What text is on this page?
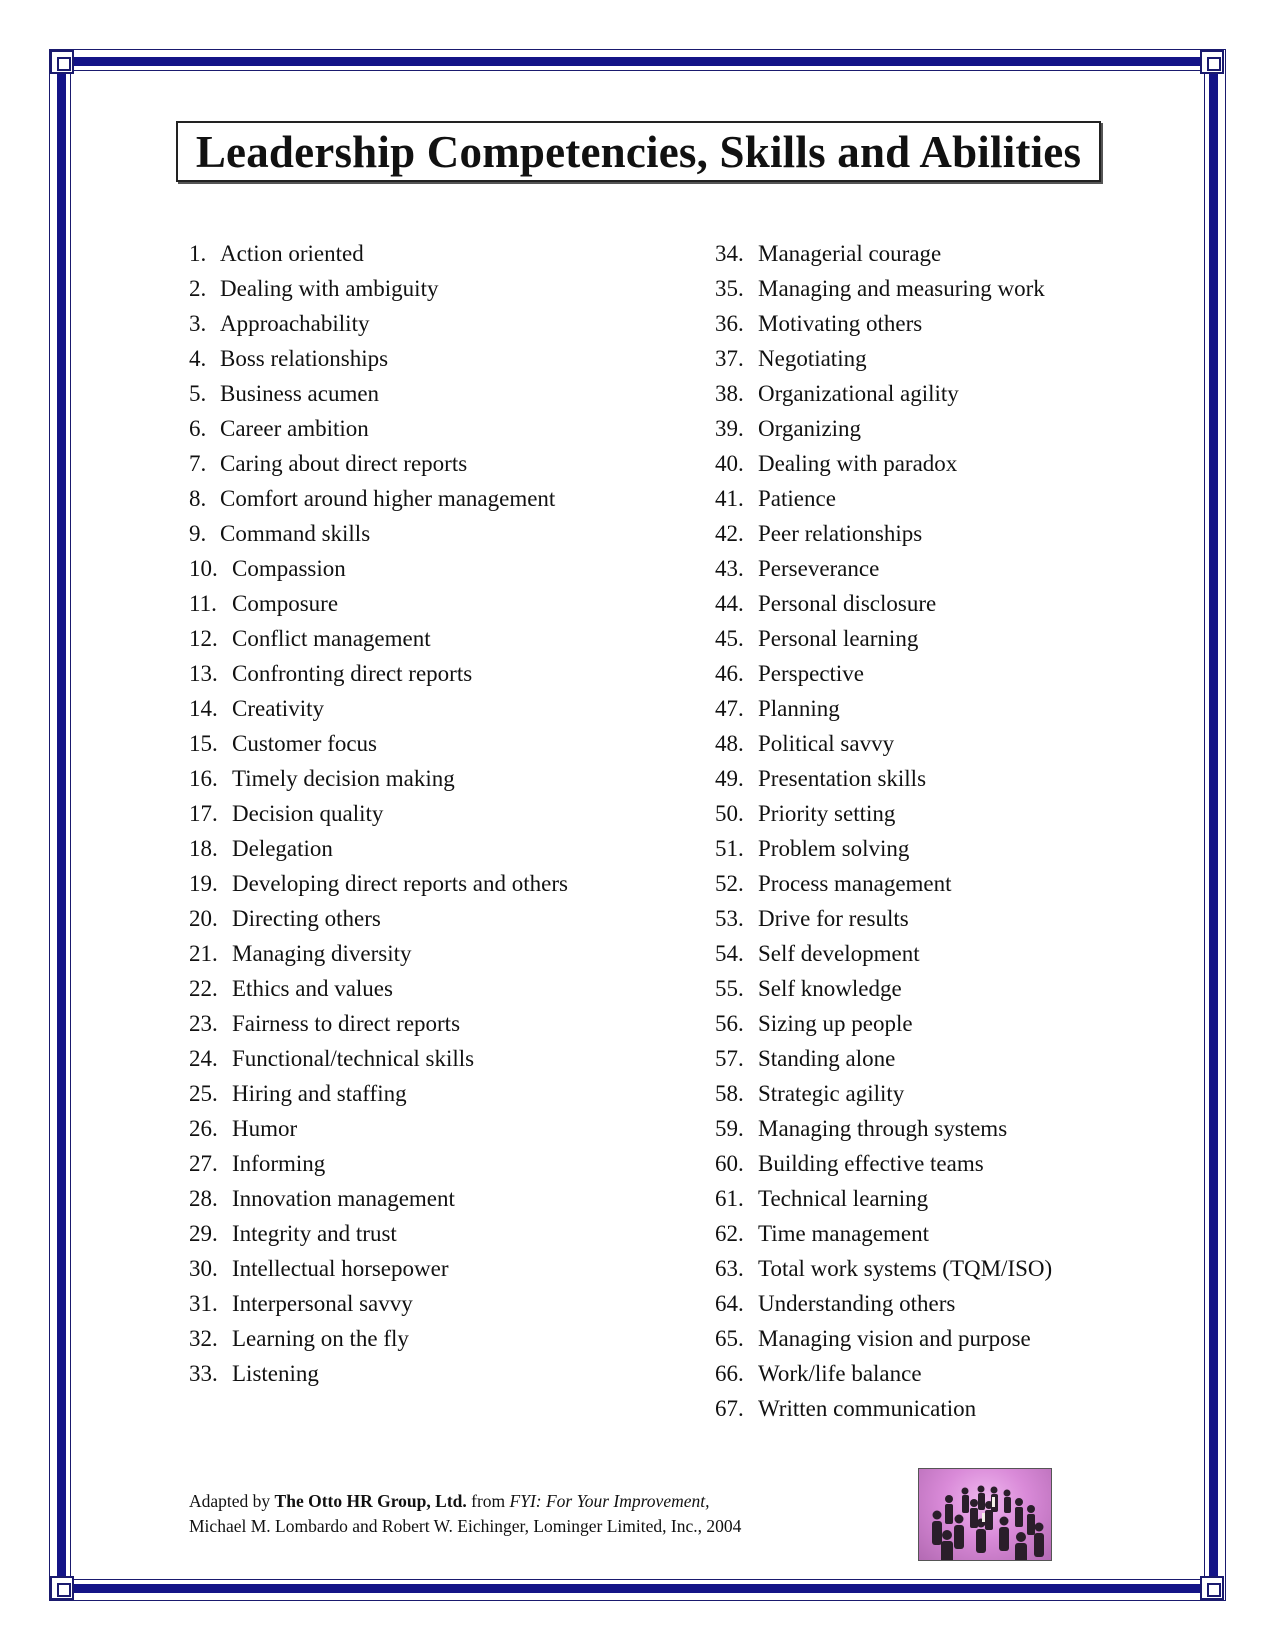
Leadership Competencies, Skills and Abilities
1. Action oriented
2. Dealing with ambiguity
3. Approachability
4. Boss relationships
5. Business acumen
6. Career ambition
7. Caring about direct reports
8. Comfort around higher management
9. Command skills
10. Compassion
11. Composure
12. Conflict management
13. Confronting direct reports
14. Creativity
15. Customer focus
16. Timely decision making
17. Decision quality
18. Delegation
19. Developing direct reports and others
20. Directing others
21. Managing diversity
22. Ethics and values
23. Fairness to direct reports
24. Functional/technical skills
25. Hiring and staffing
26. Humor
27. Informing
28. Innovation management
29. Integrity and trust
30. Intellectual horsepower
31. Interpersonal savvy
32. Learning on the fly
33. Listening
34. Managerial courage
35. Managing and measuring work
36. Motivating others
37. Negotiating
38. Organizational agility
39. Organizing
40. Dealing with paradox
41. Patience
42. Peer relationships
43. Perseverance
44. Personal disclosure
45. Personal learning
46. Perspective
47. Planning
48. Political savvy
49. Presentation skills
50. Priority setting
51. Problem solving
52. Process management
53. Drive for results
54. Self development
55. Self knowledge
56. Sizing up people
57. Standing alone
58. Strategic agility
59. Managing through systems
60. Building effective teams
61. Technical learning
62. Time management
63. Total work systems (TQM/ISO)
64. Understanding others
65. Managing vision and purpose
66. Work/life balance
67. Written communication
Adapted by The Otto HR Group, Ltd. from FYI: For Your Improvement,
Michael M. Lombardo and Robert W. Eichinger, Lominger Limited, Inc., 2004
